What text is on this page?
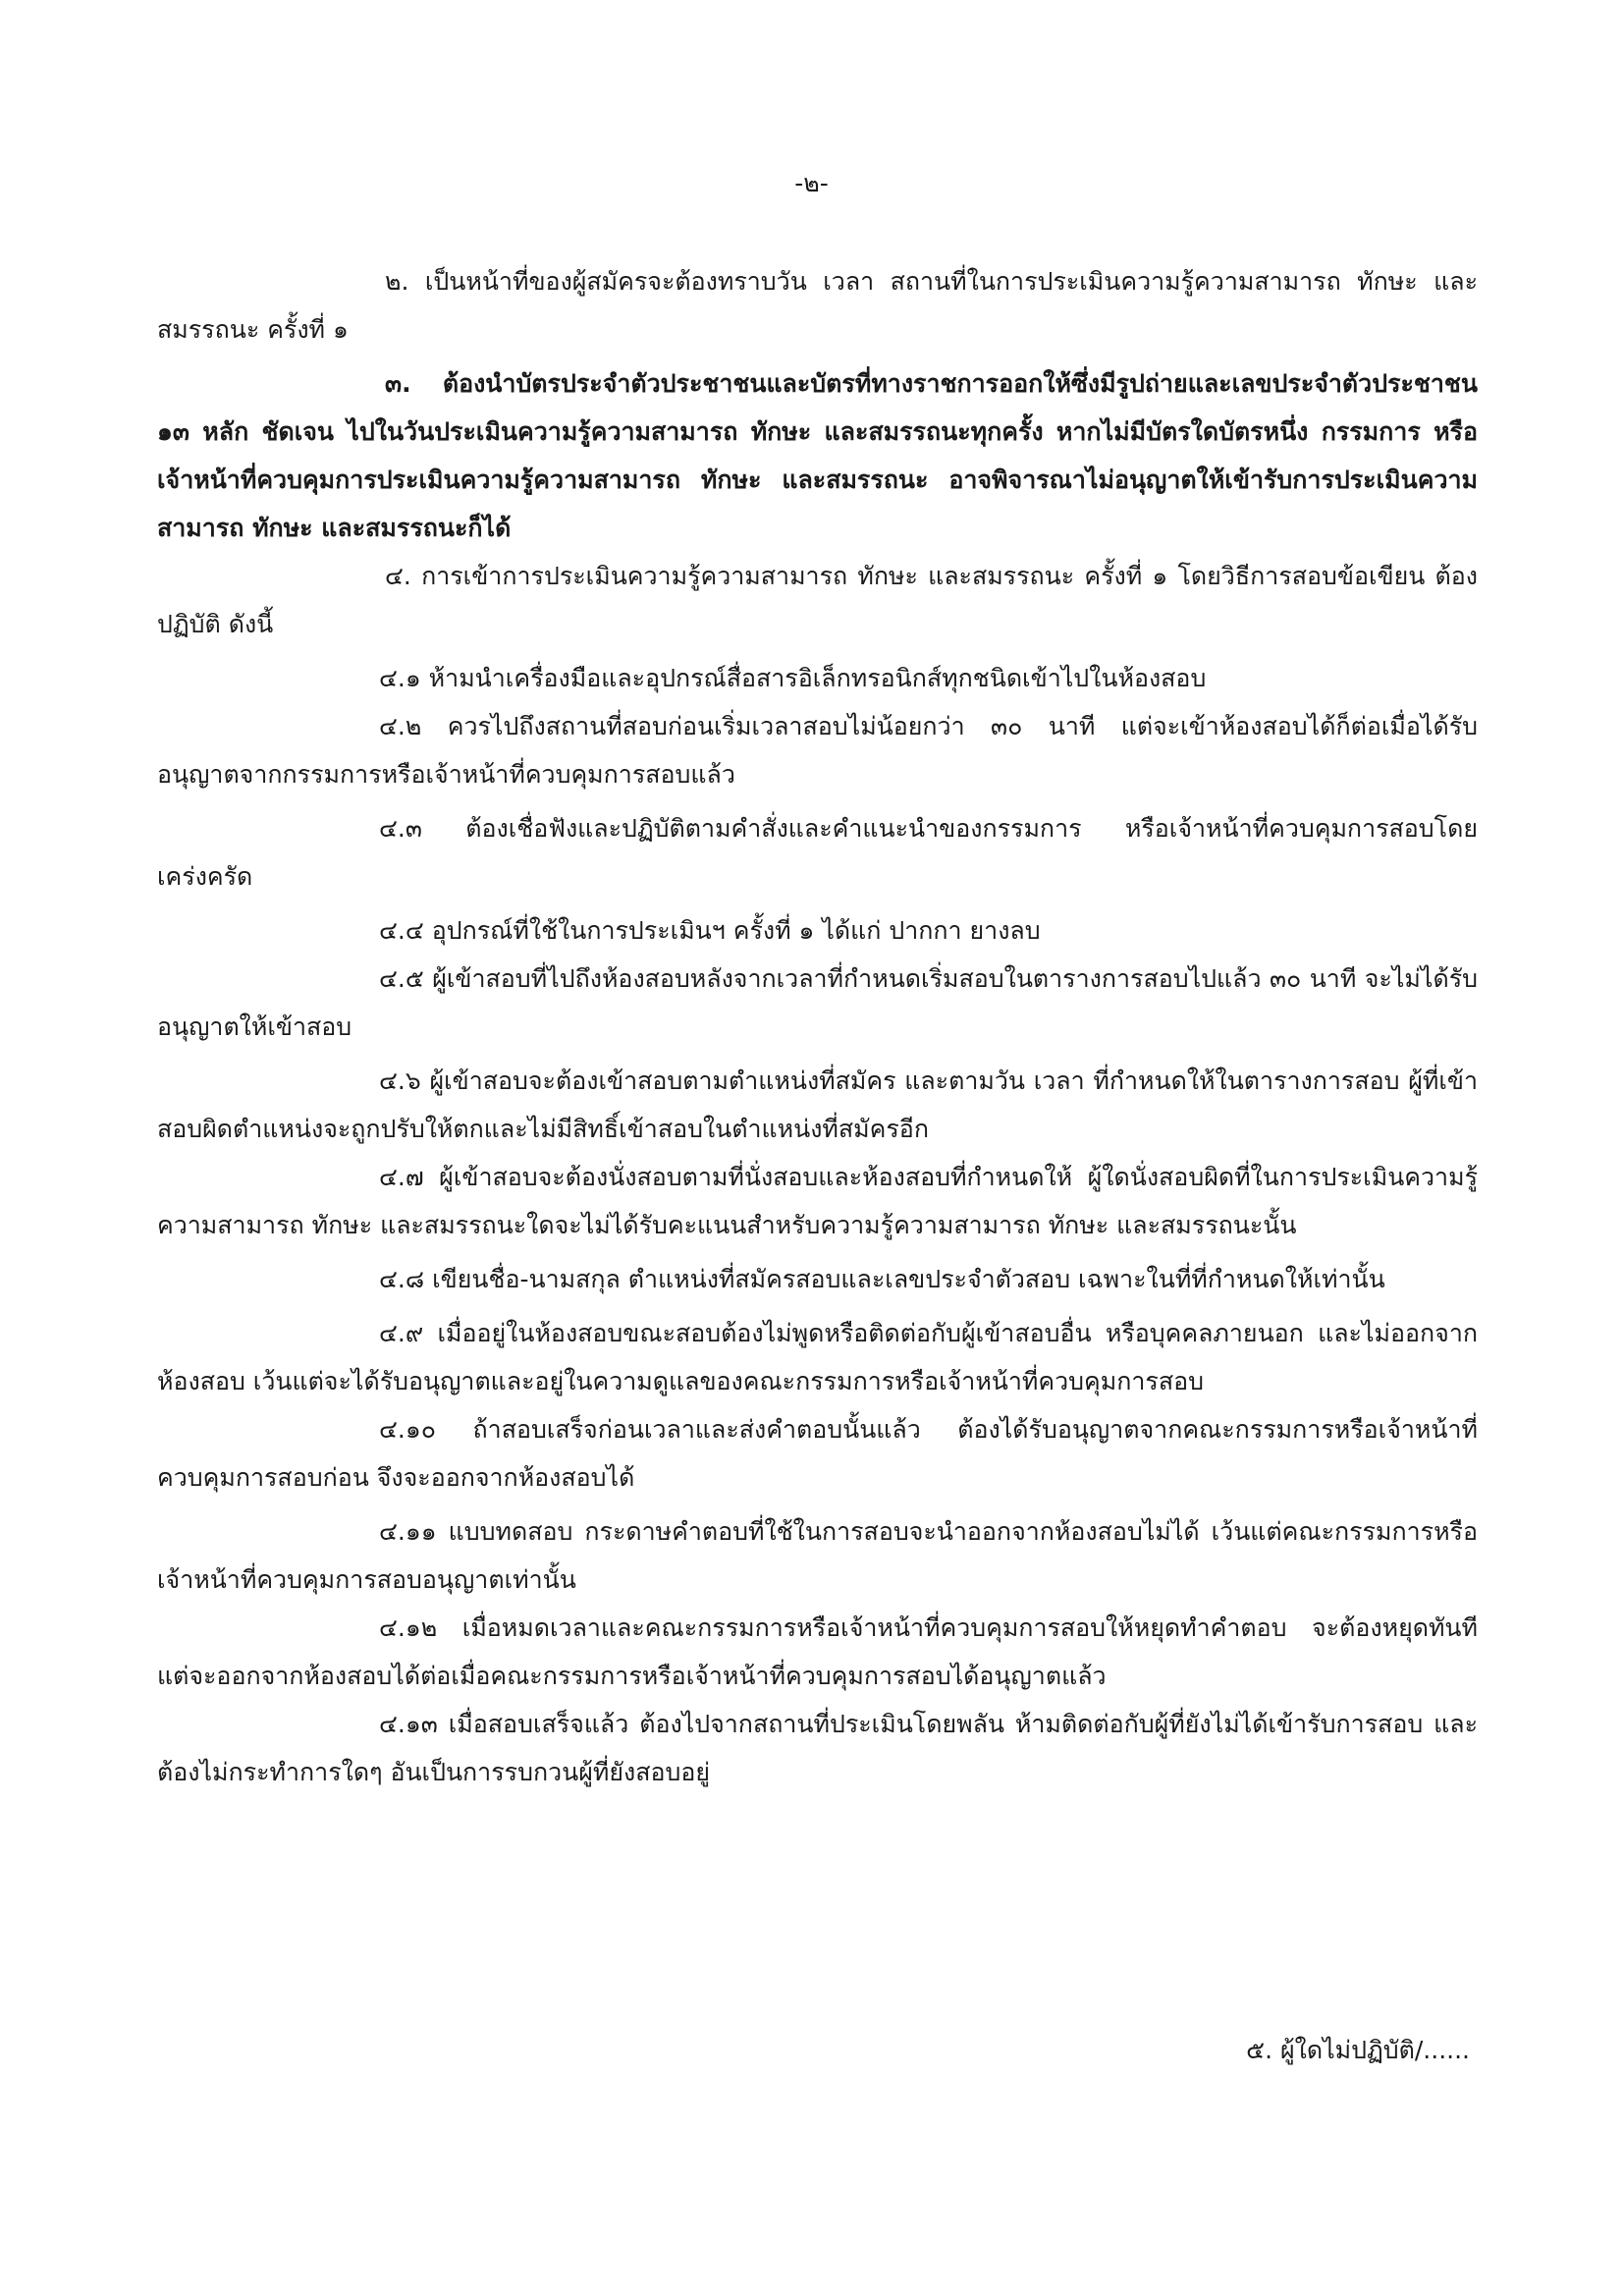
-๒-

๒. เป็นหน้าที่ของผู้สมัครจะต้องทราบวัน เวลา สถานที่ในการประเมินความรู้ความสามารถ ทักษะ และสมรรถนะ ครั้งที่ ๑

๓. ต้องนำบัตรประจำตัวประชาชนและบัตรที่ทางราชการออกให้ซึ่งมีรูปถ่ายและเลขประจำตัวประชาชน ๑๓ หลัก ชัดเจน ไปในวันประเมินความรู้ความสามารถ ทักษะ และสมรรถนะทุกครั้ง หากไม่มีบัตรใดบัตรหนึ่ง กรรมการ หรือเจ้าหน้าที่ควบคุมการประเมินความรู้ความสามารถ ทักษะ และสมรรถนะ อาจพิจารณาไม่อนุญาตให้เข้ารับการประเมินความสามารถ ทักษะ และสมรรถนะก็ได้

๔. การเข้าการประเมินความรู้ความสามารถ ทักษะ และสมรรถนะ ครั้งที่ ๑ โดยวิธีการสอบข้อเขียน ต้องปฏิบัติ ดังนี้

๔.๑ ห้ามนำเครื่องมือและอุปกรณ์สื่อสารอิเล็กทรอนิกส์ทุกชนิดเข้าไปในห้องสอบ

๔.๒ ควรไปถึงสถานที่สอบก่อนเริ่มเวลาสอบไม่น้อยกว่า ๓๐ นาที แต่จะเข้าห้องสอบได้ก็ต่อเมื่อได้รับอนุญาตจากกรรมการหรือเจ้าหน้าที่ควบคุมการสอบแล้ว

๔.๓ ต้องเชื่อฟังและปฏิบัติตามคำสั่งและคำแนะนำของกรรมการ หรือเจ้าหน้าที่ควบคุมการสอบโดยเคร่งครัด

๔.๔ อุปกรณ์ที่ใช้ในการประเมินฯ ครั้งที่ ๑ ได้แก่ ปากกา ยางลบ

๔.๕ ผู้เข้าสอบที่ไปถึงห้องสอบหลังจากเวลาที่กำหนดเริ่มสอบในตารางการสอบไปแล้ว ๓๐ นาที จะไม่ได้รับอนุญาตให้เข้าสอบ

๔.๖ ผู้เข้าสอบจะต้องเข้าสอบตามตำแหน่งที่สมัคร และตามวัน เวลา ที่กำหนดให้ในตารางการสอบ ผู้ที่เข้าสอบผิดตำแหน่งจะถูกปรับให้ตกและไม่มีสิทธิ์เข้าสอบในตำแหน่งที่สมัครอีก

๔.๗ ผู้เข้าสอบจะต้องนั่งสอบตามที่นั่งสอบและห้องสอบที่กำหนดให้ ผู้ใดนั่งสอบผิดที่ในการประเมินความรู้ ความสามารถ ทักษะ และสมรรถนะใดจะไม่ได้รับคะแนนสำหรับความรู้ความสามารถ ทักษะ และสมรรถนะนั้น

๔.๘ เขียนชื่อ-นามสกุล ตำแหน่งที่สมัครสอบและเลขประจำตัวสอบ เฉพาะในที่ที่กำหนดให้เท่านั้น

๔.๙ เมื่ออยู่ในห้องสอบขณะสอบต้องไม่พูดหรือติดต่อกับผู้เข้าสอบอื่น หรือบุคคลภายนอก และไม่ออกจากห้องสอบ เว้นแต่จะได้รับอนุญาตและอยู่ในความดูแลของคณะกรรมการหรือเจ้าหน้าที่ควบคุมการสอบ

๔.๑๐ ถ้าสอบเสร็จก่อนเวลาและส่งคำตอบนั้นแล้ว ต้องได้รับอนุญาตจากคณะกรรมการหรือเจ้าหน้าที่ควบคุมการสอบก่อน จึงจะออกจากห้องสอบได้

๔.๑๑ แบบทดสอบ กระดาษคำตอบที่ใช้ในการสอบจะนำออกจากห้องสอบไม่ได้ เว้นแต่คณะกรรมการหรือเจ้าหน้าที่ควบคุมการสอบอนุญาตเท่านั้น

๔.๑๒ เมื่อหมดเวลาและคณะกรรมการหรือเจ้าหน้าที่ควบคุมการสอบให้หยุดทำคำตอบ จะต้องหยุดทันที แต่จะออกจากห้องสอบได้ต่อเมื่อคณะกรรมการหรือเจ้าหน้าที่ควบคุมการสอบได้อนุญาตแล้ว

๔.๑๓ เมื่อสอบเสร็จแล้ว ต้องไปจากสถานที่ประเมินโดยพลัน ห้ามติดต่อกับผู้ที่ยังไม่ได้เข้ารับการสอบ และต้องไม่กระทำการใดๆ อันเป็นการรบกวนผู้ที่ยังสอบอยู่

๕. ผู้ใดไม่ปฏิบัติ/......
